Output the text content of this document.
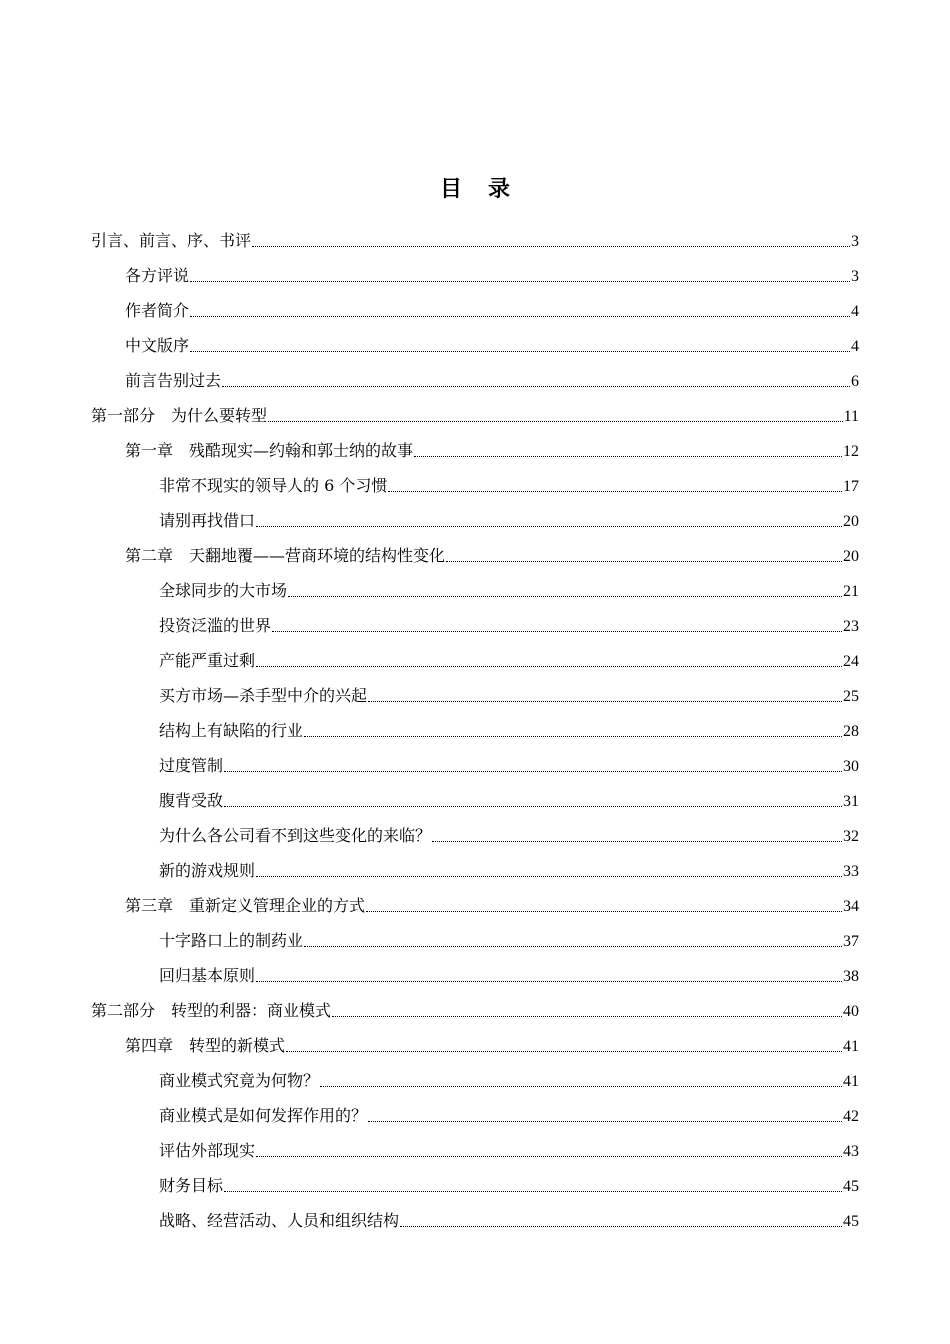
目 录
引言、前言、序、书评	3
各方评说	3
作者简介	4
中文版序	4
前言告别过去	6
第一部分　为什么要转型	11
第一章　残酷现实—约翰和郭士纳的故事	12
非常不现实的领导人的 6 个习惯	17
请别再找借口	20
第二章　天翻地覆——营商环境的结构性变化	20
全球同步的大市场	21
投资泛滥的世界	23
产能严重过剩	24
买方市场—杀手型中介的兴起	25
结构上有缺陷的行业	28
过度管制	30
腹背受敌	31
为什么各公司看不到这些变化的来临？	32
新的游戏规则	33
第三章　重新定义管理企业的方式	34
十字路口上的制药业	37
回归基本原则	38
第二部分　转型的利器：商业模式	40
第四章　转型的新模式	41
商业模式究竟为何物？	41
商业模式是如何发挥作用的？	42
评估外部现实	43
财务目标	45
战略、经营活动、人员和组织结构	45
